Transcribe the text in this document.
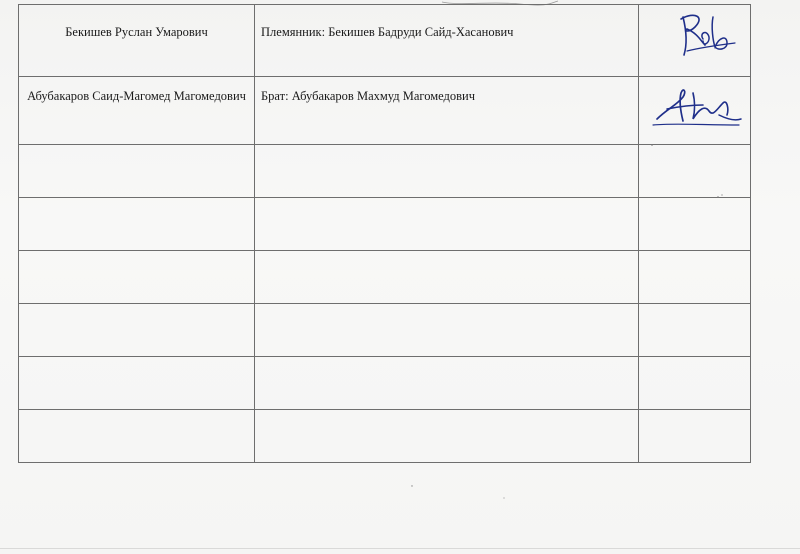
Бекишев Руслан Умарович	Племянник: Бекишев Бадруди Сайд-Хасанович	

Абубакаров Саид-Магомед Магомедович	Брат: Абубакаров Махмуд Магомедович	
